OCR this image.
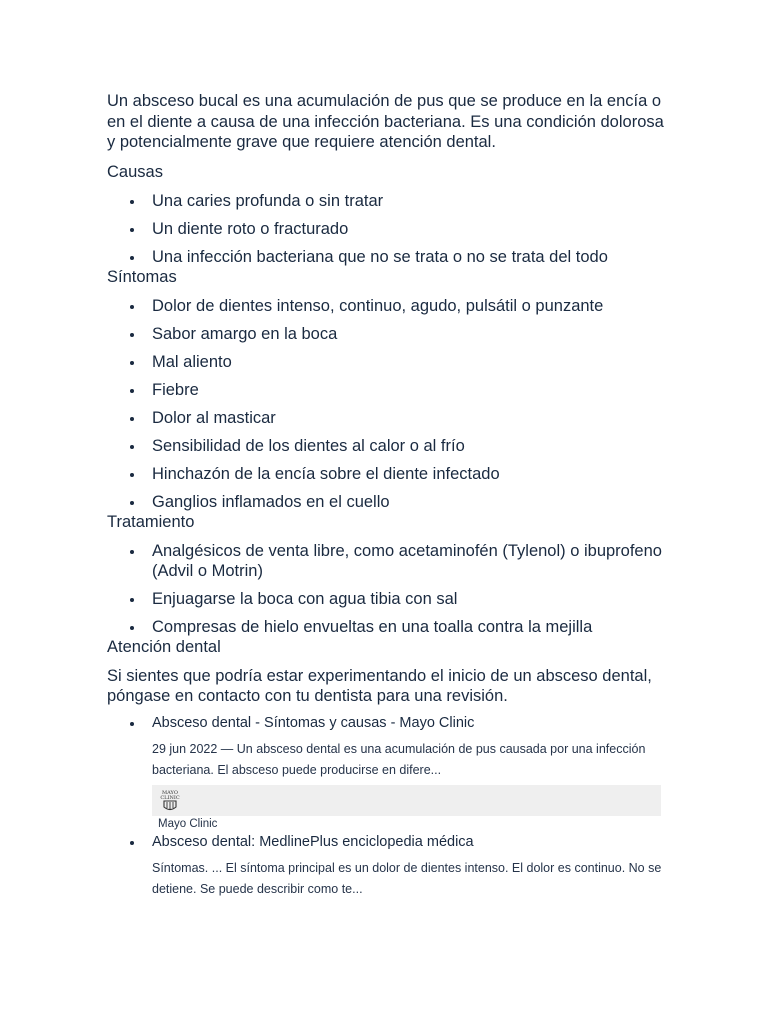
Un absceso bucal es una acumulación de pus que se produce en la encía o en el diente a causa de una infección bacteriana. Es una condición dolorosa y potencialmente grave que requiere atención dental.

Causas

Una caries profunda o sin tratar
Un diente roto o fracturado
Una infección bacteriana que no se trata o no se trata del todo

Síntomas

Dolor de dientes intenso, continuo, agudo, pulsátil o punzante
Sabor amargo en la boca
Mal aliento
Fiebre
Dolor al masticar
Sensibilidad de los dientes al calor o al frío
Hinchazón de la encía sobre el diente infectado
Ganglios inflamados en el cuello

Tratamiento

Analgésicos de venta libre, como acetaminofén (Tylenol) o ibuprofeno (Advil o Motrin)
Enjuagarse la boca con agua tibia con sal
Compresas de hielo envueltas en una toalla contra la mejilla

Atención dental

Si sientes que podría estar experimentando el inicio de un absceso dental, póngase en contacto con tu dentista para una revisión.

Absceso dental - Síntomas y causas - Mayo Clinic
29 jun 2022 — Un absceso dental es una acumulación de pus causada por una infección bacteriana. El absceso puede producirse en difere...
MAYO
CLINIC
Mayo Clinic
Absceso dental: MedlinePlus enciclopedia médica
Síntomas. ... El síntoma principal es un dolor de dientes intenso. El dolor es continuo. No se detiene. Se puede describir como te...
